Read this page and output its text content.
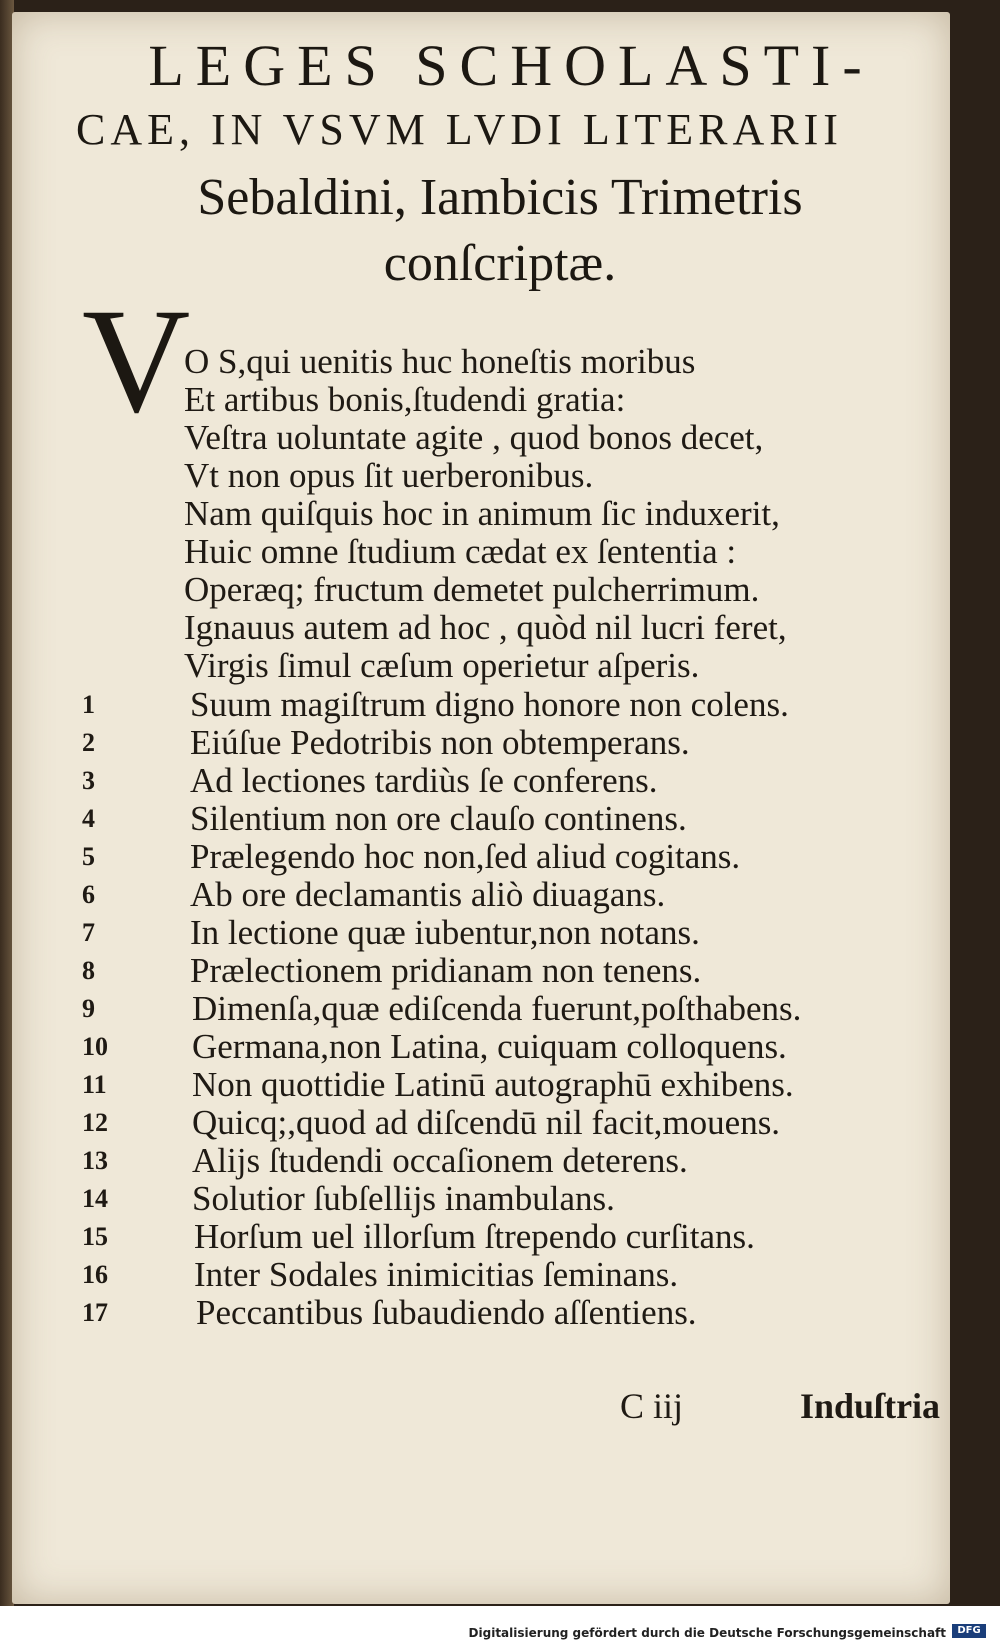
LEGES SCHOLASTI-
CAE, IN VSVM LVDI LITERARII
Sebaldini, Iambicis Trimetris
conſcriptæ.
V
O S,qui uenitis huc honeſtis moribus
Et artibus bonis,ſtudendi gratia:
Veſtra uoluntate agite , quod bonos decet,
Vt non opus ſit uerberonibus.
Nam quiſquis hoc in animum ſic induxerit,
Huic omne ſtudium cædat ex ſententia :
Operæq; fructum demetet pulcherrimum.
Ignauus autem ad hoc , quòd nil lucri feret,
Virgis ſimul cæſum operietur aſperis.
1	Suum magiſtrum digno honore non colens.
2	Eiúſue Pedotribis non obtemperans.
3	Ad lectiones tardiùs ſe conferens.
4	Silentium non ore clauſo continens.
5	Prælegendo hoc non,ſed aliud cogitans.
6	Ab ore declamantis aliò diuagans.
7	In lectione quæ iubentur,non notans.
8	Prælectionem pridianam non tenens.
9	Dimenſa,quæ ediſcenda fuerunt,poſthabens.
10 Germana,non Latina, cuiquam colloquens.
11 Non quottidie Latinū autographū exhibens.
12 Quicq;,quod ad diſcendū nil facit,mouens.
13 Alijs ſtudendi occaſionem deterens.
14 Solutior ſubſellijs inambulans.
15 Horſum uel illorſum ſtrependo curſitans.
16 Inter Sodales inimicitias ſeminans.
17	Peccantibus ſubaudiendo aſſentiens.
C iij	Induſtria
Digitalisierung gefördert durch die Deutsche Forschungsgemeinschaft	DFG
